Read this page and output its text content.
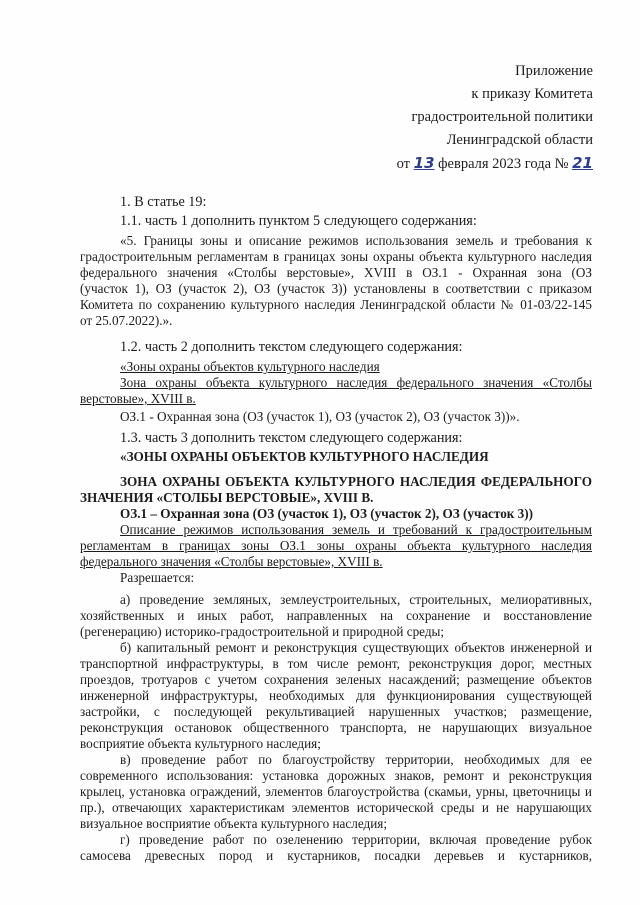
Приложение
к приказу Комитета
градостроительной политики
Ленинградской области
от 13 февраля 2023 года № 21
1. В статье 19:
1.1. часть 1 дополнить пунктом 5 следующего содержания:
«5. Границы зоны и описание режимов использования земель и требования к
градостроительным регламентам в границах зоны охраны объекта культурного наследия
федерального значения «Столбы верстовые», XVIII в ОЗ.1 - Охранная зона (ОЗ
(участок 1), ОЗ (участок 2), ОЗ (участок 3)) установлены в соответствии с приказом
Комитета по сохранению культурного наследия Ленинградской области № 01-03/22-145
от 25.07.2022).».
1.2. часть 2 дополнить текстом следующего содержания:
«Зоны охраны объектов культурного наследия
Зона охраны объекта культурного наследия федерального значения «Столбы
верстовые», XVIII в.
ОЗ.1 - Охранная зона (ОЗ (участок 1), ОЗ (участок 2), ОЗ (участок 3))».
1.3. часть 3 дополнить текстом следующего содержания:
«ЗОНЫ ОХРАНЫ ОБЪЕКТОВ КУЛЬТУРНОГО НАСЛЕДИЯ
ЗОНА ОХРАНЫ ОБЪЕКТА КУЛЬТУРНОГО НАСЛЕДИЯ ФЕДЕРАЛЬНОГО
ЗНАЧЕНИЯ «СТОЛБЫ ВЕРСТОВЫЕ», XVIII В.
ОЗ.1 – Охранная зона (ОЗ (участок 1), ОЗ (участок 2), ОЗ (участок 3))
Описание режимов использования земель и требований к градостроительным
регламентам в границах зоны ОЗ.1 зоны охраны объекта культурного наследия
федерального значения «Столбы верстовые», XVIII в.
Разрешается:
а) проведение земляных, землеустроительных, строительных, мелиоративных,
хозяйственных и иных работ, направленных на сохранение и восстановление
(регенерацию) историко-градостроительной и природной среды;
б) капитальный ремонт и реконструкция существующих объектов инженерной и
транспортной инфраструктуры, в том числе ремонт, реконструкция дорог, местных
проездов, тротуаров с учетом сохранения зеленых насаждений; размещение объектов
инженерной инфраструктуры, необходимых для функционирования существующей
застройки, с последующей рекультивацией нарушенных участков; размещение,
реконструкция остановок общественного транспорта, не нарушающих визуальное
восприятие объекта культурного наследия;
в) проведение работ по благоустройству территории, необходимых для ее
современного использования: установка дорожных знаков, ремонт и реконструкция
крылец, установка ограждений, элементов благоустройства (скамьи, урны, цветочницы и
пр.), отвечающих характеристикам элементов исторической среды и не нарушающих
визуальное восприятие объекта культурного наследия;
г) проведение работ по озеленению территории, включая проведение рубок
самосева древесных пород и кустарников, посадки деревьев и кустарников,
